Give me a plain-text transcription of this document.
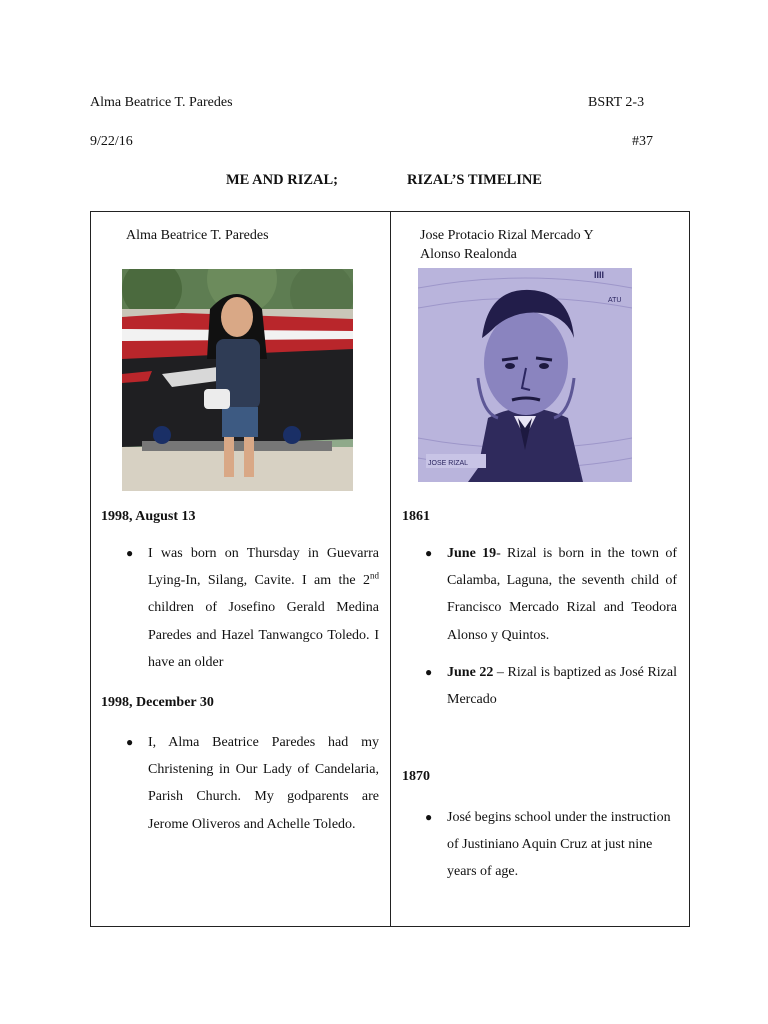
Alma Beatrice T. Paredes	BSRT 2-3
9/22/16	#37
ME AND RIZAL;	RIZAL’S TIMELINE
Alma Beatrice T. Paredes
1998, August 13
● I was born on Thursday in Guevarra Lying-In, Silang, Cavite. I am the 2nd children of Josefino Gerald Medina Paredes and Hazel Tanwangco Toledo. I have an older
1998, December 30
● I, Alma Beatrice Paredes had my Christening in Our Lady of Candelaria, Parish Church. My godparents are Jerome Oliveros and Achelle Toledo.
Jose Protacio Rizal Mercado Y
Alonso Realonda
JOSE RIZAL
IIII
ATU
1861
● June 19- Rizal is born in the town of Calamba, Laguna, the seventh child of Francisco Mercado Rizal and Teodora Alonso y Quintos.
● June 22 – Rizal is baptized as José Rizal Mercado
1870
● José begins school under the instruction of Justiniano Aquin Cruz at just nine years of age.
